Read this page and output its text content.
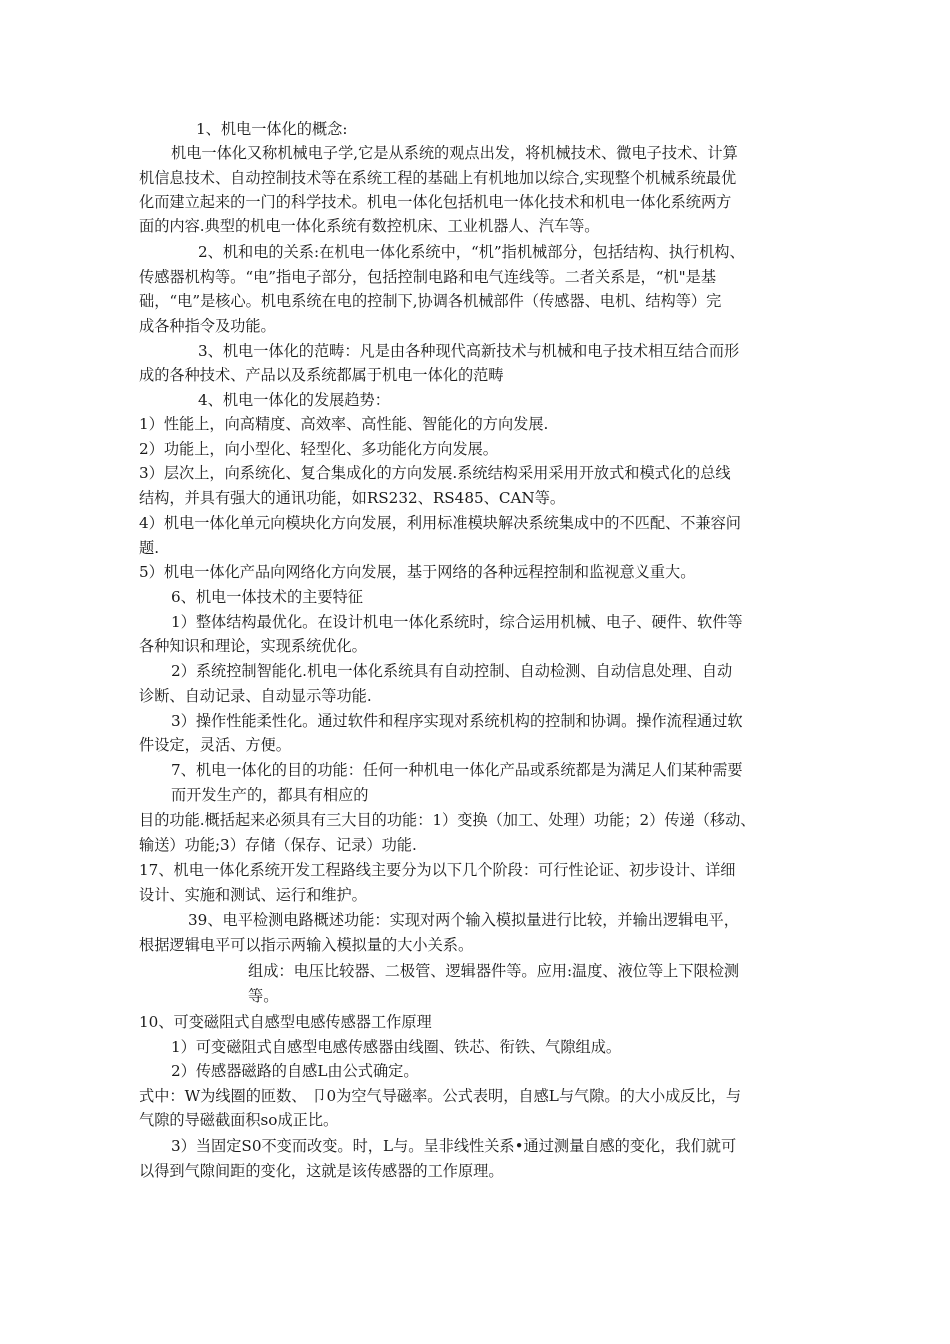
1、机电一体化的概念:
机电一体化又称机械电子学,它是从系统的观点出发，将机械技术、微电子技术、计算
机信息技术、自动控制技术等在系统工程的基础上有机地加以综合,实现整个机械系统最优
化而建立起来的一门的科学技术。机电一体化包括机电一体化技术和机电一体化系统两方
面的内容.典型的机电一体化系统有数控机床、工业机器人、汽车等。
2、机和电的关系:在机电一体化系统中，“机”指机械部分，包括结构、执行机构、
传感器机构等。“电”指电子部分，包括控制电路和电气连线等。二者关系是，“机"是基
础，“电”是核心。机电系统在电的控制下,协调各机械部件（传感器、电机、结构等）完
成各种指令及功能。
3、机电一体化的范畴：凡是由各种现代高新技术与机械和电子技术相互结合而形
成的各种技术、产品以及系统都属于机电一体化的范畴
4、机电一体化的发展趋势：
1）性能上，向高精度、高效率、高性能、智能化的方向发展.
2）功能上，向小型化、轻型化、多功能化方向发展。
3）层次上，向系统化、复合集成化的方向发展.系统结构采用采用开放式和模式化的总线
结构，并具有强大的通讯功能，如RS232、RS485、CAN等。
4）机电一体化单元向模块化方向发展，利用标准模块解决系统集成中的不匹配、不兼容问
题.
5）机电一体化产品向网络化方向发展，基于网络的各种远程控制和监视意义重大。
6、机电一体技术的主要特征
1）整体结构最优化。在设计机电一体化系统时，综合运用机械、电子、硬件、软件等
各种知识和理论，实现系统优化。
2）系统控制智能化.机电一体化系统具有自动控制、自动检测、自动信息处理、自动
诊断、自动记录、自动显示等功能.
3）操作性能柔性化。通过软件和程序实现对系统机构的控制和协调。操作流程通过软
件设定，灵活、方便。
7、机电一体化的目的功能：任何一种机电一体化产品或系统都是为满足人们某种需要
而开发生产的，都具有相应的
目的功能.概括起来必须具有三大目的功能：1）变换（加工、处理）功能；2）传递（移动、
输送）功能;3）存储（保存、记录）功能.
17、机电一体化系统开发工程路线主要分为以下几个阶段：可行性论证、初步设计、详细
设计、实施和测试、运行和维护。
39、电平检测电路概述功能：实现对两个输入模拟量进行比较，并输出逻辑电平，
根据逻辑电平可以指示两输入模拟量的大小关系。
组成：电压比较器、二极管、逻辑器件等。应用:温度、液位等上下限检测
等。
10、可变磁阻式自感型电感传感器工作原理
1）可变磁阻式自感型电感传感器由线圈、铁芯、衔铁、气隙组成。
2）传感器磁路的自感L由公式确定。
式中：W为线圈的匝数、 卩0为空气导磁率。公式表明，自感L与气隙。的大小成反比，与
气隙的导磁截面积so成正比。
3）当固定S0不变而改变。时，L与。呈非线性关系•通过测量自感的变化，我们就可
以得到气隙间距的变化，这就是该传感器的工作原理。
